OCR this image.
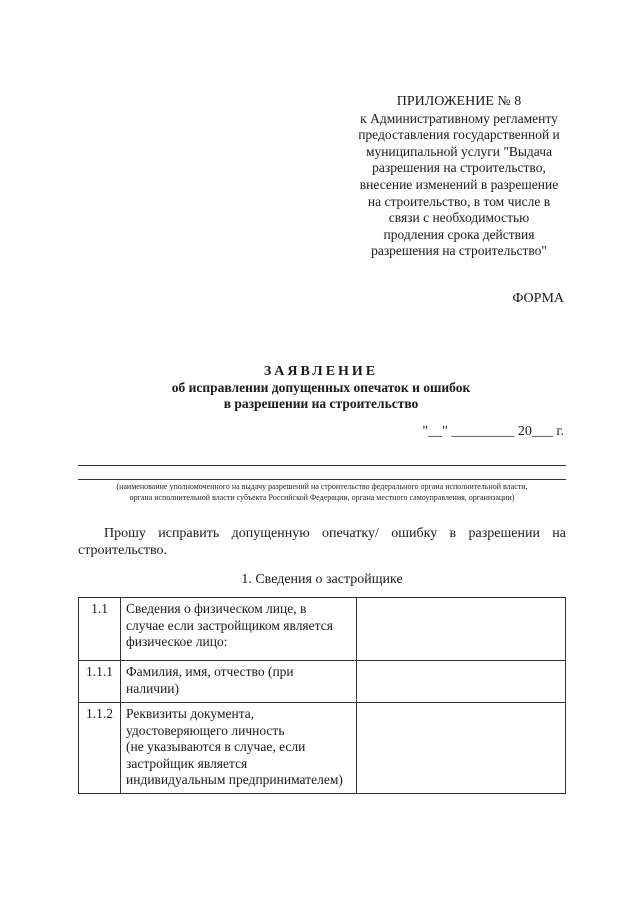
ПРИЛОЖЕНИЕ № 8
к Административному регламенту
предоставления государственной и
муниципальной услуги "Выдача
разрешения на строительство,
внесение изменений в разрешение
на строительство, в том числе в
связи с необходимостью
продления срока действия
разрешения на строительство"
ФОРМА
ЗАЯВЛЕНИЕ
об исправлении допущенных опечаток и ошибок
в разрешении на строительство
"__" _________ 20___ г.
(наименование уполномоченного на выдачу разрешений на строительство федерального органа исполнительной власти,
органа исполнительной власти субъекта Российской Федерации, органа местного самоуправления, организации)
Прошу исправить допущенную опечатку/ ошибку в разрешении на
строительство.
1. Сведения о застройщике
1.1	Сведения о физическом лице, в
случае если застройщиком является
физическое лицо:	

1.1.1	Фамилия, имя, отчество (при
наличии)	

1.1.2	Реквизиты документа,
удостоверяющего личность
(не указываются в случае, если
застройщик является
индивидуальным предпринимателем)	
